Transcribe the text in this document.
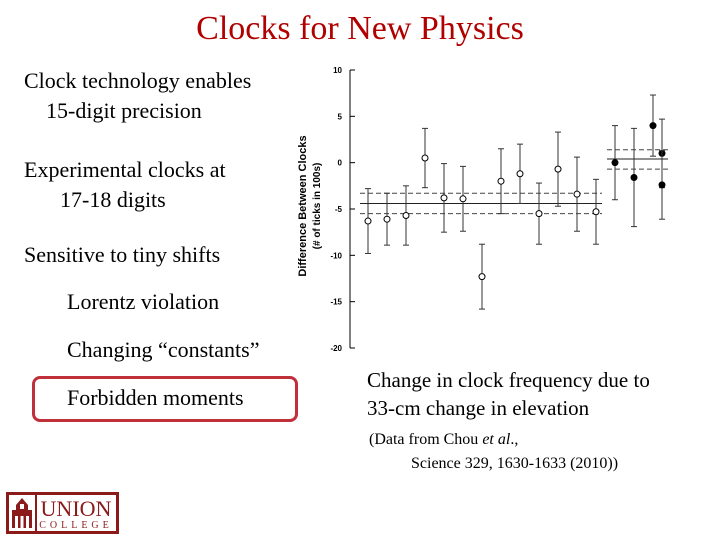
Clocks for New Physics
Clock technology enables
15-digit precision
Experimental clocks at
17-18 digits
Sensitive to tiny shifts
Lorentz violation
Changing “constants”
Forbidden moments
10
5
0
-5
-10
-15
-20
Difference Between Clocks (# of ticks in 100s)
Change in clock frequency due to
33-cm change in elevation
(Data from Chou et al.,
Science 329, 1630-1633 (2010))
UNION
COLLEGE
